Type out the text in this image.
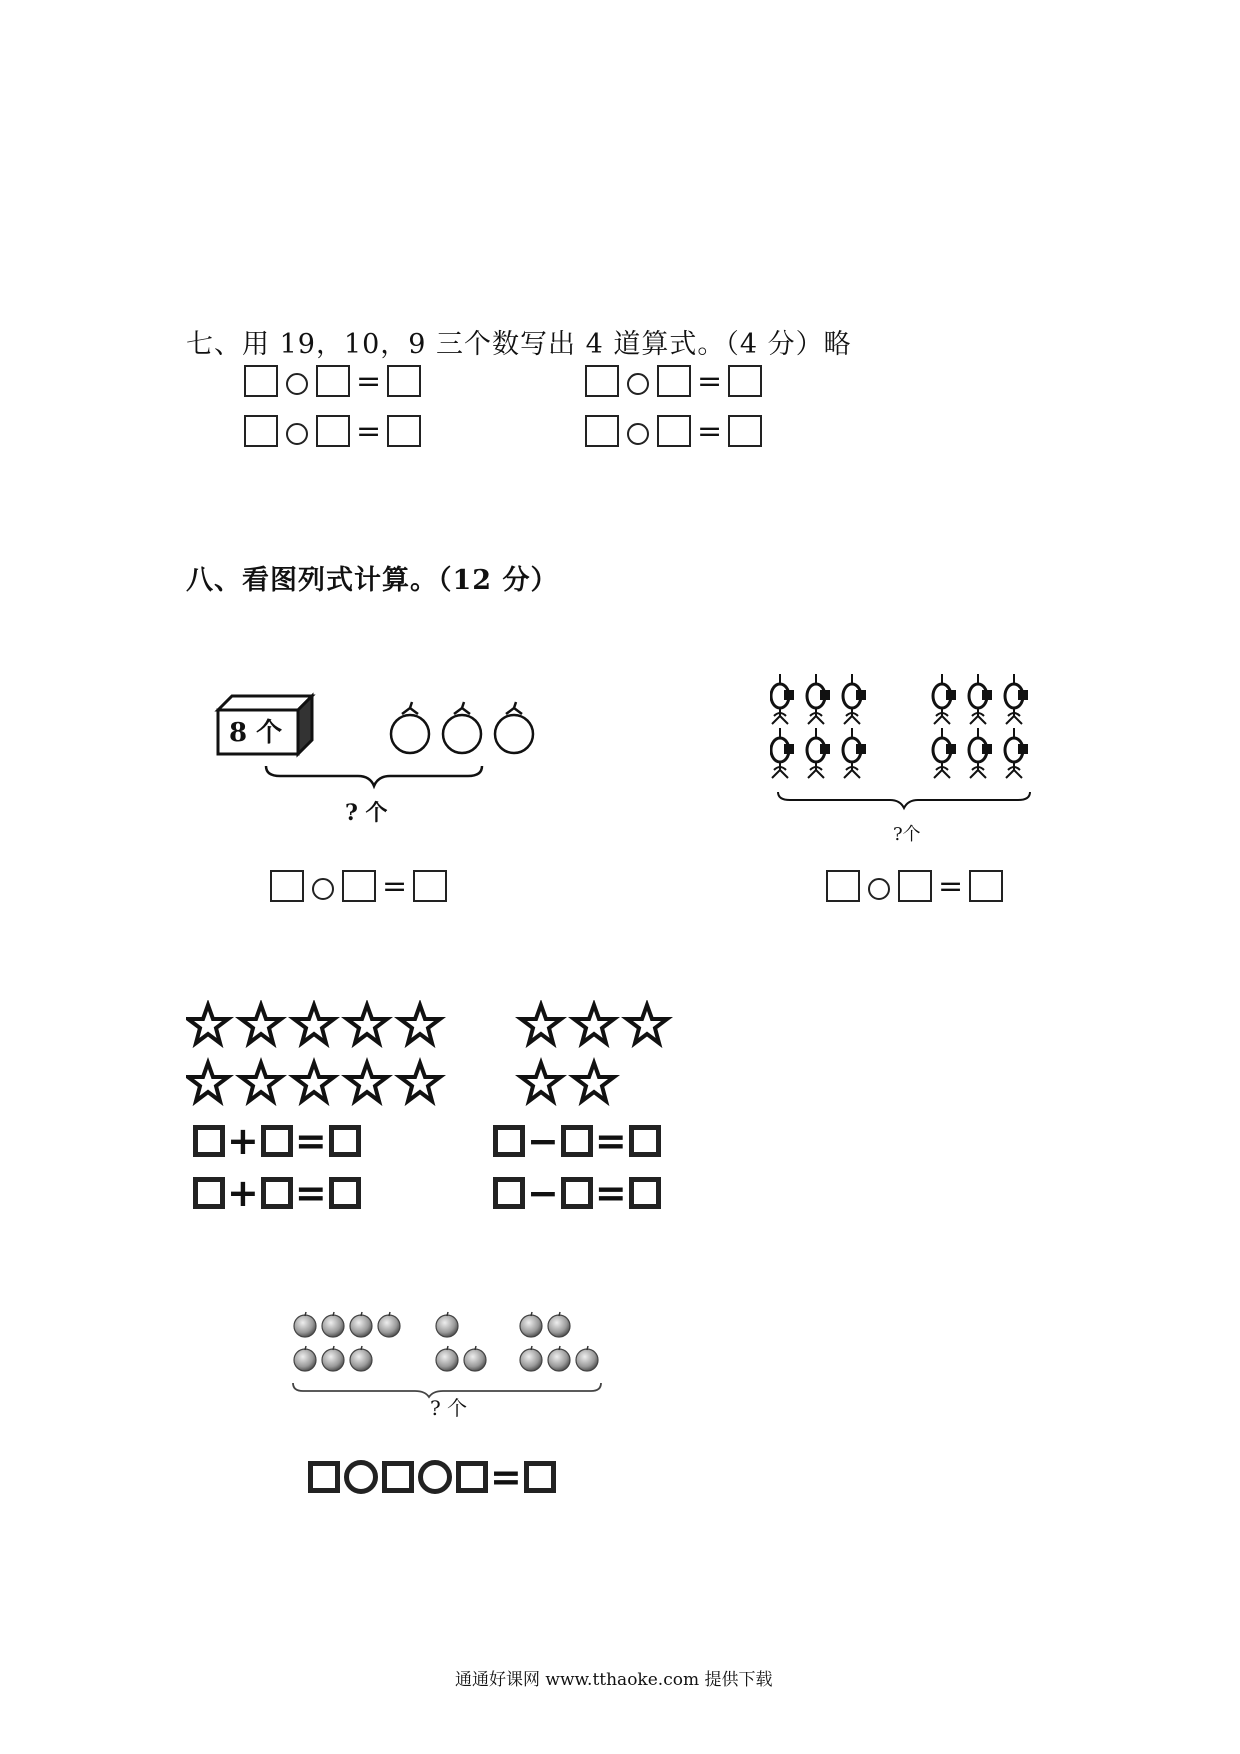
七、用 19，10，9 三个数写出 4 道算式。（4 分）略
=	=
=	=
八、看图列式计算。（12 分）
8 个
? 个
=
?个
=
+ =	− =
+ =	− =
? 个
=
通通好课网 www.tthaoke.com 提供下载
